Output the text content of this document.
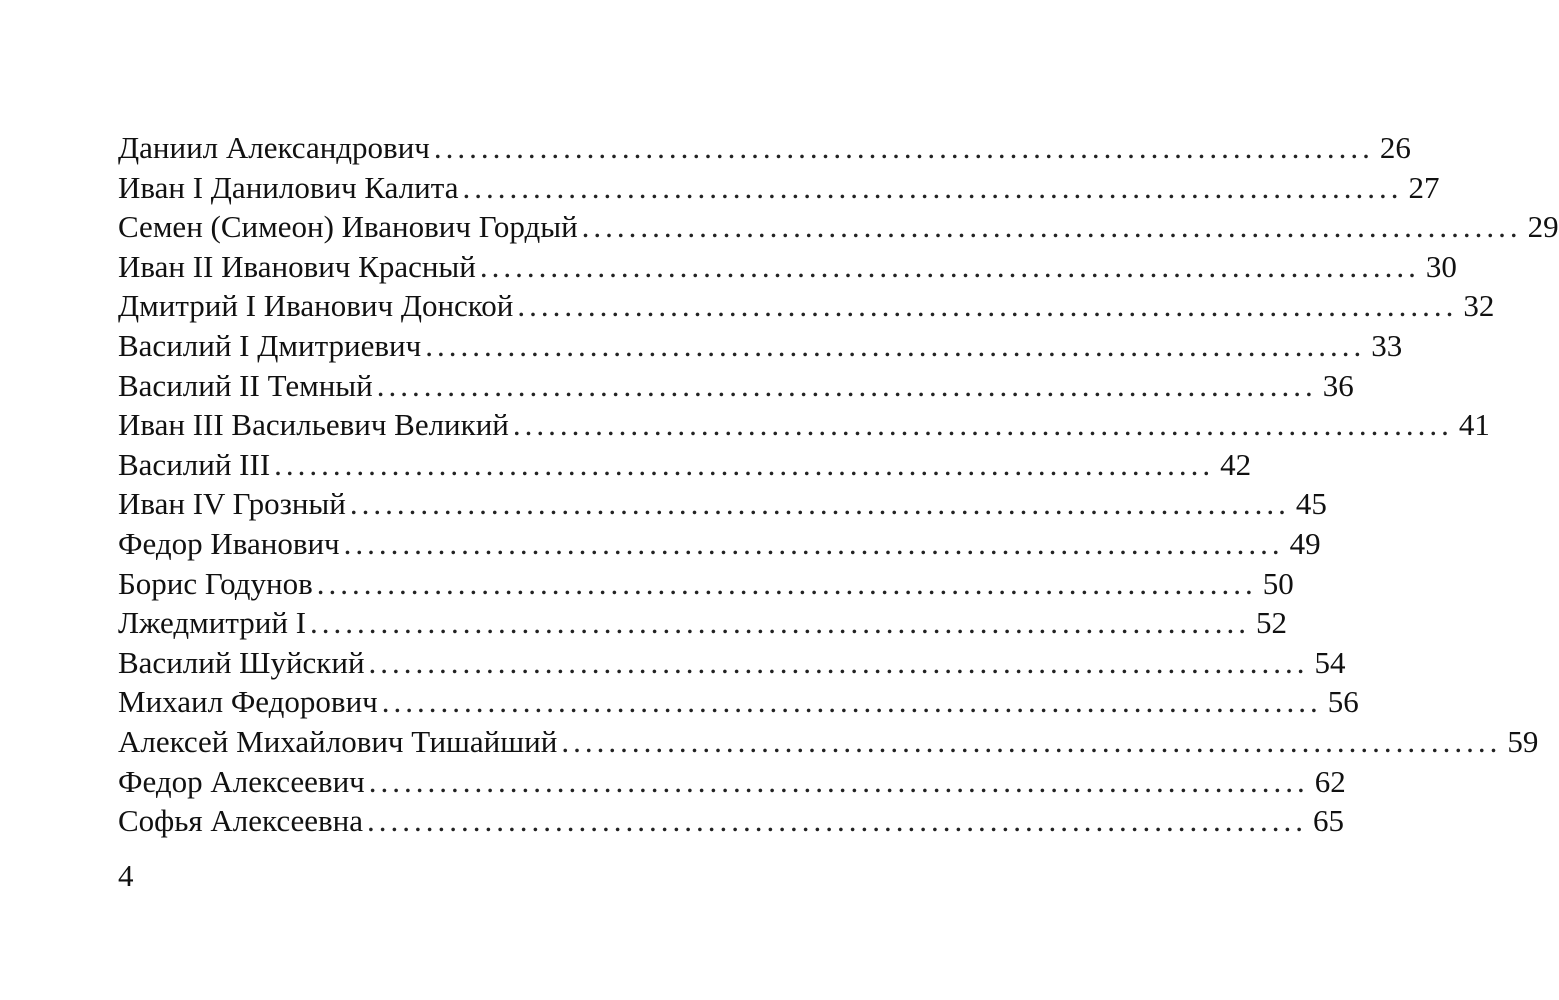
Даниил Александрович ................................................................................ 26
Иван I Данилович Калита ................................................................................ 27
Семен (Симеон) Иванович Гордый ................................................................................ 29
Иван II Иванович Красный ................................................................................ 30
Дмитрий I Иванович Донской ................................................................................ 32
Василий I Дмитриевич ................................................................................ 33
Василий II Темный ................................................................................ 36
Иван III Васильевич Великий ................................................................................ 41
Василий III ................................................................................ 42
Иван IV Грозный ................................................................................ 45
Федор Иванович ................................................................................ 49
Борис Годунов ................................................................................ 50
Лжедмитрий I ................................................................................ 52
Василий Шуйский ................................................................................ 54
Михаил Федорович ................................................................................ 56
Алексей Михайлович Тишайший ................................................................................ 59
Федор Алексеевич ................................................................................ 62
Софья Алексеевна ................................................................................ 65
4
